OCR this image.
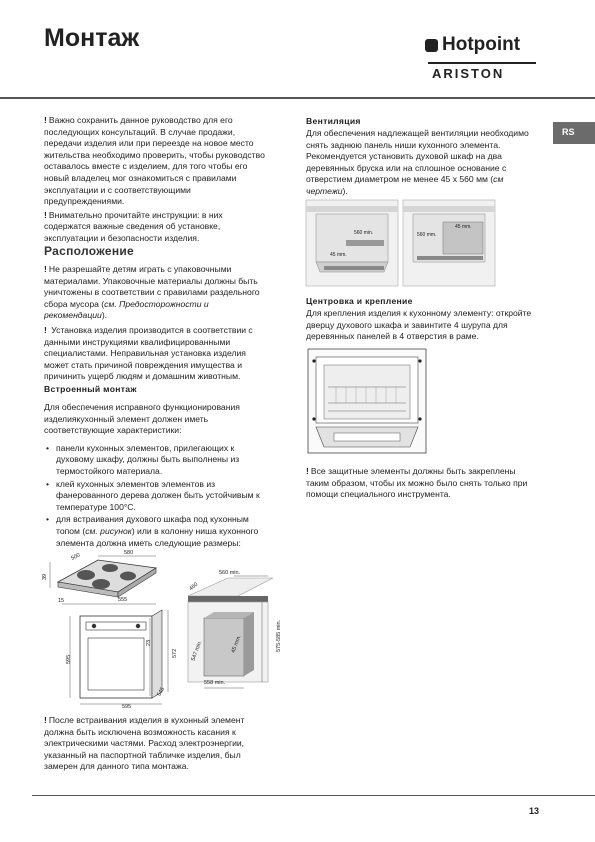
Монтаж	Hotpoint
ARISTON
RS

! Важно сохранить данное руководство для его последующих консультаций. В случае продажи, передачи изделия или при переезде на новое место жительства необходимо проверить, чтобы руководство оставалось вместе с изделием, для того чтобы его новый владелец мог ознакомиться с правилами эксплуатации и с соответствующими предупреждениями.

! Внимательно прочитайте инструкции: в них содержатся важные сведения об установке, эксплуатации и безопасности изделия.

Расположение

! Не разрешайте детям играть с упаковочными материалами. Упаковочные материалы должны быть уничтожены в соответствии с правилами раздельного сбора мусора (см. Предосторожности и рекомендации).

! Установка изделия производится в соответствии с данными инструкциями квалифицированными специалистами. Неправильная установка изделия может стать причиной повреждения имущества и причинить ущерб людям и домашним животным.

Встроенный монтаж

Для обеспечения исправного функционирования изделиякухонный элемент должен иметь соответствующие характеристики:

• панели кухонных элементов, прилегающих к духовому шкафу, должны быть выполнены из термостойкого материала.
• клей кухонных элементов элементов из фанерованного дерева должен быть устойчивым к температуре 100°С.
• для встраивания духового шкафа под кухонным топом (см. рисунок) или в колонну ниша кухонного элемента должна иметь следующие размеры:
580
500
39
15	555
560 min.
460
595
23
572
595
545
547 min.	45 mm.
558 min.
575-585 min.

! После встраивания изделия в кухонный элемент должна быть исключена возможность касания к электрическими частями. Расход электроэнергии, указанный на паспортной табличке изделия, был замерен для данного типа монтажа.

Вентиляция

Для обеспечения надлежащей вентиляции необходимо снять заднюю панель ниши кухонного элемента. Рекомендуется установить духовой шкаф на два деревянных бруска или на сплошное основание с отверстием диаметром не менее 45 х 560 мм (см чертежи).

560 min.
45 mm.
560 mm.
45 mm.
Центровка и крепление
Для крепления изделия к кухонному элементу: откройте дверцу духового шкафа и завинтите 4 шурупа для деревянных панелей в 4 отверстия в раме.

! Все защитные элементы должны быть закреплены таким образом, чтобы их можно было снять только при помощи специального инструмента.

13
